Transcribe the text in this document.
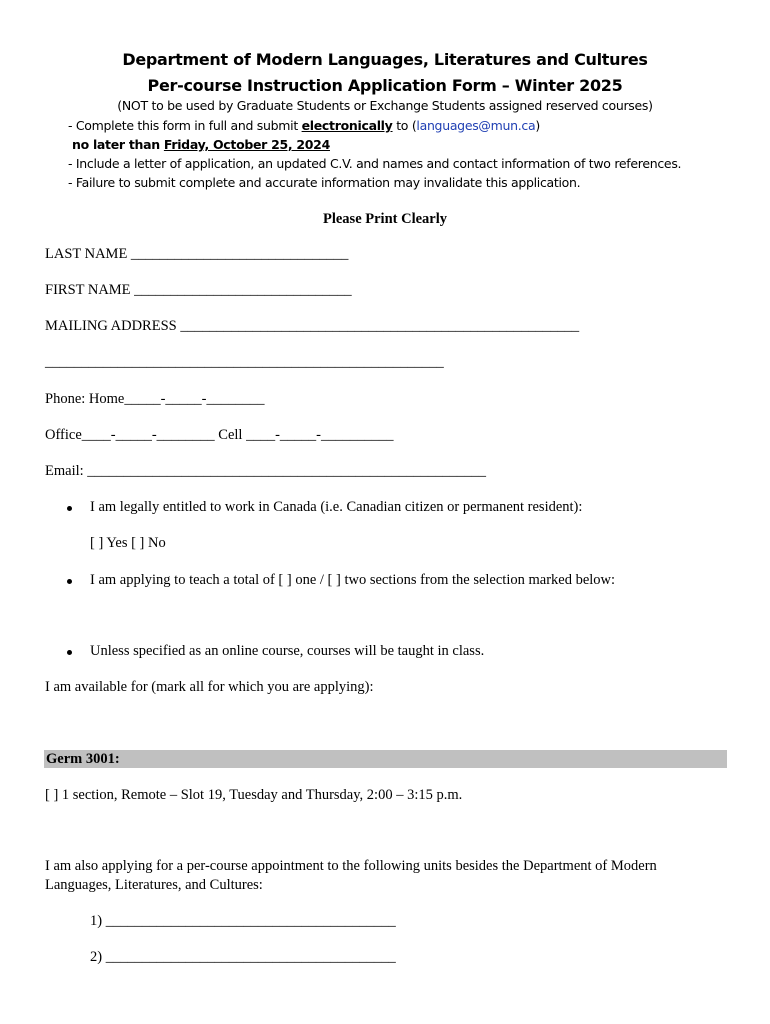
Department of Modern Languages, Literatures and Cultures
Per-course Instruction Application Form – Winter 2025
(NOT to be used by Graduate Students or Exchange Students assigned reserved courses)
- Complete this form in full and submit electronically to (languages@mun.ca)
no later than Friday, October 25, 2024
- Include a letter of application, an updated C.V. and names and contact information of two references.
- Failure to submit complete and accurate information may invalidate this application.
Please Print Clearly
LAST NAME ______________________________
FIRST NAME ______________________________
MAILING ADDRESS _______________________________________________________
_______________________________________________________
Phone: Home_____-_____-________
Office____-_____-________ Cell ____-_____-__________
Email: _______________________________________________________
I am legally entitled to work in Canada (i.e. Canadian citizen or permanent resident):
[ ] Yes [ ] No
I am applying to teach a total of [ ] one / [ ] two sections from the selection marked below:
Unless specified as an online course, courses will be taught in class.
I am available for (mark all for which you are applying):
Germ 3001:
[ ] 1 section, Remote – Slot 19, Tuesday and Thursday, 2:00 – 3:15 p.m.
I am also applying for a per-course appointment to the following units besides the Department of Modern
Languages, Literatures, and Cultures:
1) ________________________________________
2) ________________________________________
